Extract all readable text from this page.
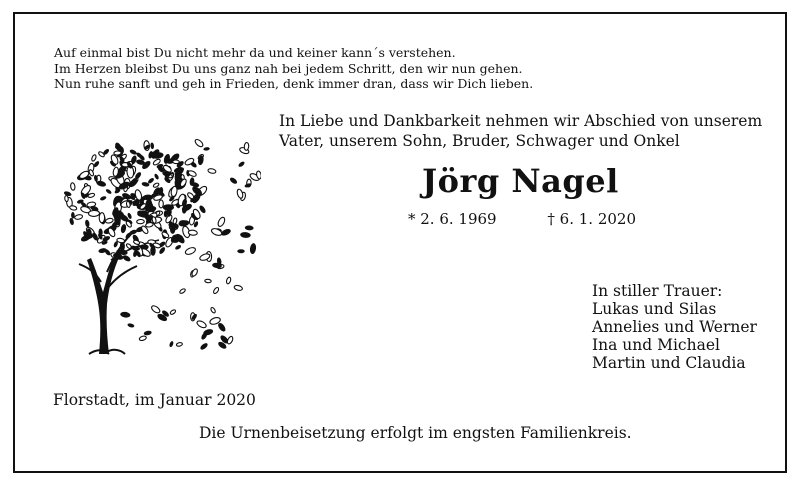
Auf einmal bist Du nicht mehr da und keiner kann´s verstehen.
Im Herzen bleibst Du uns ganz nah bei jedem Schritt, den wir nun gehen.
Nun ruhe sanft und geh in Frieden, denk immer dran, dass wir Dich lieben.
In Liebe und Dankbarkeit nehmen wir Abschied von unserem
Vater, unserem Sohn, Bruder, Schwager und Onkel
Jörg Nagel
* 2. 6. 1969	† 6. 1. 2020
In stiller Trauer:
Lukas und Silas
Annelies und Werner
Ina und Michael
Martin und Claudia
Florstadt, im Januar 2020
Die Urnenbeisetzung erfolgt im engsten Familienkreis.
